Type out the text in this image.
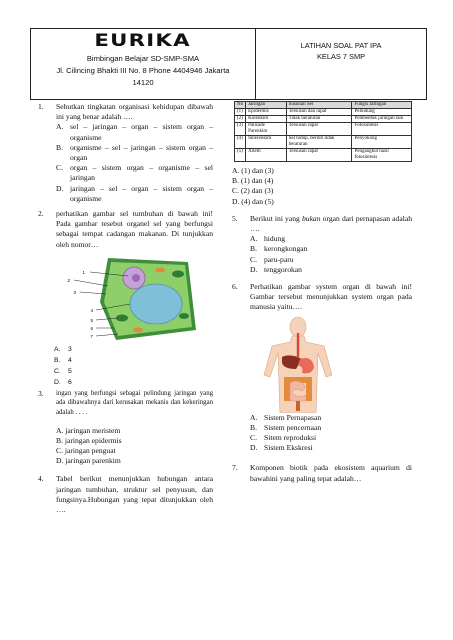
EURIKA
Bimbingan Belajar SD-SMP-SMA
Jl. Cilincing Bhakti III No. 8 Phone 4404946 Jakarta
14120
LATIHAN SOAL PAT IPA
KELAS 7 SMP
1. Sebutkan tingkatan organisasi kehidupan dibawah ini yang benar adalah ….
A. sel – jaringan – organ – sistem organ – organisme
B. organisme – sel – jaringan – sistem organ – organ
C. organ – sistem organ – organisme – sel jaringan
D. jaringan – sel – organ – sistem organ – organisme
2. perhatikan gambar sel tumbuhan di bawah ini! Pada gambar tesebut organel sel yang berfungsi sebagai tempat cadangan makanan. Di tunjukkan oleh nomor…
1
2
3
4
5
6
7
A. 3
B. 4
C. 5
D. 6
3. ingan yang berfungsi sebagai pelindung jaringan yang ada dibawahnya dari kerusakan mekanis dan kekeringan adalah . . . .
A. jaringan meristem
B. jaringan epidermis
C. jaringan penguat
D. jaringan parenkim
4. Tabel berikut menunjukkan hubungan antara jaringan tumbuhan, struktur sel penyusun, dan fungsinya.Hubungan yang tepat ditunjukkan oleh ….
No	Jaringan	Susunan Sel	Fungsi Jaringan
(1)	Epidermis	Tersusun dan rapat	Pelindung
(2)	Kolenkim	Tidak beraturan	Pembentuk jaringan lain
(3)	Palisade Parenkim	Tersusun rapat	Fotosintesis
(4)	Sklerenkim	Sel hidup, berinti tidak beraturan	Penyokong
(5)	Xilem	Tersusun rapat	Pengangkut hasil fotosintesis
A. (1) dan (3)
B. (1) dan (4)
C. (2) dan (3)
D. (4) dan (5)
5. Berikut ini yang bukan organ dari pernapasan adalah ….
A. hidung
B. kerongkongan
C. paru-paru
D. tenggorokan
6. Perhatikan gambar system organ di bawah ini! Gambar tersebut menunjukkan system organ pada manusia yaitu….
A. Sistem Pernapasan
B. Sistem pencernaan
C. Sitem reproduksi
D. Sistem Ekskresi
7. Komponen biotik pada ekosistem aquarium di bawahini yang paling tepat adalah…
